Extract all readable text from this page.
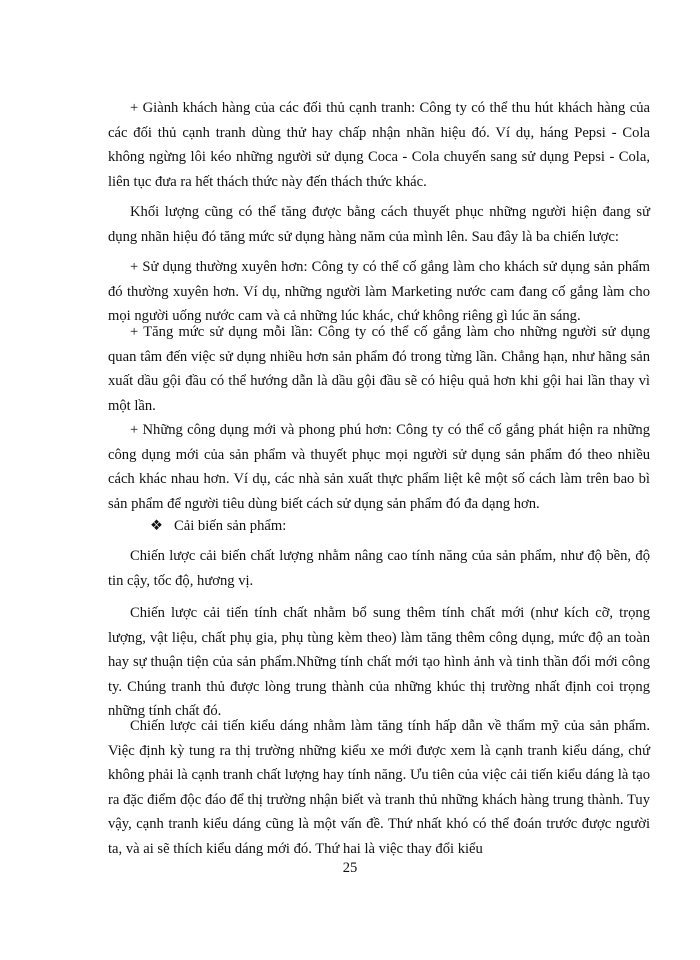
+ Giành khách hàng của các đối thủ cạnh tranh: Công ty có thể thu hút khách hàng của các đối thủ cạnh tranh dùng thử hay chấp nhận nhãn hiệu đó. Ví dụ, háng Pepsi - Cola không ngừng lôi kéo những người sử dụng Coca - Cola chuyển sang sử dụng Pepsi - Cola, liên tục đưa ra hết thách thức này đến thách thức khác.

Khối lượng cũng có thể tăng được bằng cách thuyết phục những người hiện đang sử dụng nhãn hiệu đó tăng mức sử dụng hàng năm của mình lên. Sau đây là ba chiến lược:

+ Sử dụng thường xuyên hơn: Công ty có thể cố gắng làm cho khách sử dụng sản phẩm đó thường xuyên hơn. Ví dụ, những người làm Marketing nước cam đang cố gắng làm cho mọi người uống nước cam và cả những lúc khác, chứ không riêng gì lúc ăn sáng.

+ Tăng mức sử dụng mỗi lần: Công ty có thể cố gắng làm cho những người sử dụng quan tâm đến việc sử dụng nhiều hơn sản phẩm đó trong từng lần. Chẳng hạn, như hãng sản xuất dầu gội đầu có thể hướng dẫn là dầu gội đầu sẽ có hiệu quả hơn khi gội hai lần thay vì một lần.

+ Những công dụng mới và phong phú hơn: Công ty có thể cố gắng phát hiện ra những công dụng mới của sản phẩm và thuyết phục mọi người sử dụng sản phẩm đó theo nhiều cách khác nhau hơn. Ví dụ, các nhà sản xuất thực phẩm liệt kê một số cách làm trên bao bì sản phẩm để người tiêu dùng biết cách sử dụng sản phẩm đó đa dạng hơn.

❖ Cải biến sản phẩm:

Chiến lược cải biến chất lượng nhằm nâng cao tính năng của sản phẩm, như độ bền, độ tin cậy, tốc độ, hương vị.

Chiến lược cải tiến tính chất nhằm bổ sung thêm tính chất mới (như kích cỡ, trọng lượng, vật liệu, chất phụ gia, phụ tùng kèm theo) làm tăng thêm công dụng, mức độ an toàn hay sự thuận tiện của sản phẩm.Những tính chất mới tạo hình ảnh và tinh thần đổi mới công ty. Chúng tranh thủ được lòng trung thành của những khúc thị trường nhất định coi trọng những tính chất đó.

Chiến lược cải tiến kiểu dáng nhằm làm tăng tính hấp dẫn về thẩm mỹ của sản phẩm. Việc định kỳ tung ra thị trường những kiểu xe mới được xem là cạnh tranh kiểu dáng, chứ không phải là cạnh tranh chất lượng hay tính năng. Ưu tiên của việc cải tiến kiểu dáng là tạo ra đặc điểm độc đáo để thị trường nhận biết và tranh thủ những khách hàng trung thành. Tuy vậy, cạnh tranh kiểu dáng cũng là một vấn đề. Thứ nhất khó có thể đoán trước được người ta, và ai sẽ thích kiểu dáng mới đó. Thứ hai là việc thay đổi kiểu

25
